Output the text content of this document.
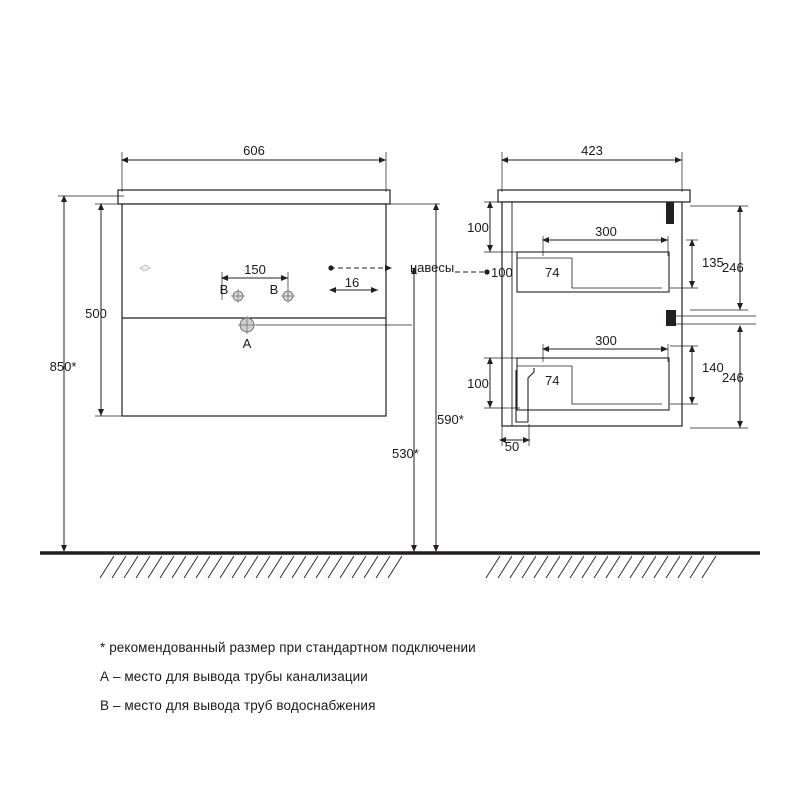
606
500
850*
590*
530*
навесы
150
16
B	B
A
423
100
100
100
50
300
74
300
74
135
246
140
246
* рекомендованный размер при стандартном подключении
А – место для вывода трубы канализации
В – место для вывода труб водоснабжения
